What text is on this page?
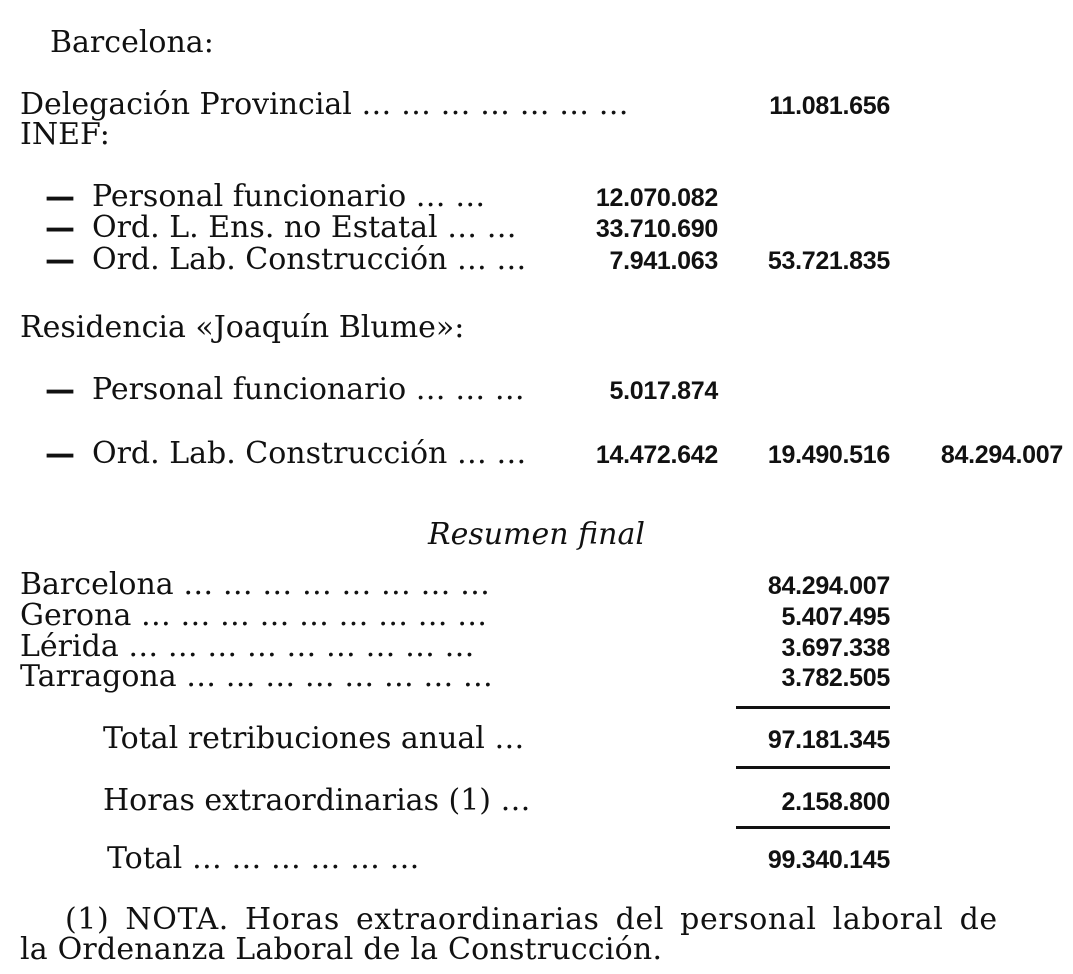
Barcelona:
Delegación Provincial … … … … … … …	11.081.656
INEF:
— Personal funcionario … …	12.070.082
— Ord. L. Ens. no Estatal … …	33.710.690
— Ord. Lab. Construcción … …	7.941.063	53.721.835
Residencia «Joaquín Blume»:
— Personal funcionario … … …	5.017.874
— Ord. Lab. Construcción … …	14.472.642	19.490.516	84.294.007
Resumen final
Barcelona … … … … … … … …	84.294.007
Gerona … … … … … … … … …	5.407.495
Lérida … … … … … … … … …	3.697.338
Tarragona … … … … … … … …	3.782.505
Total retribuciones anual …	97.181.345
Horas extraordinarias (1) …	2.158.800
Total … … … … … …	99.340.145
(1) NOTA. Horas extraordinarias del personal laboral de
la Ordenanza Laboral de la Construcción.
